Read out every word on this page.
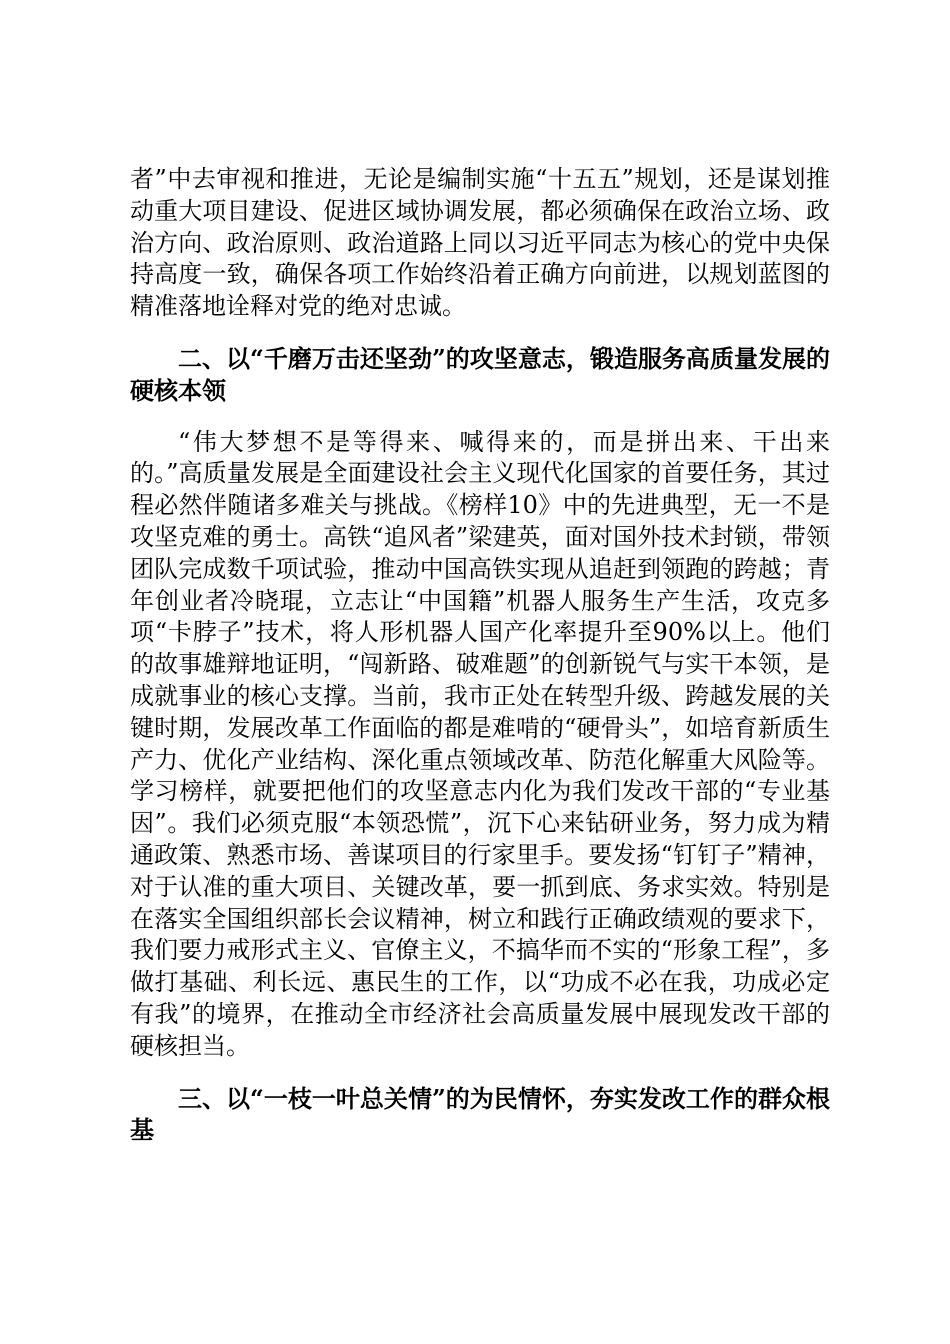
者”中去审视和推进，无论是编制实施“十五五”规划，还是谋划推动重大项目建设、促进区域协调发展，都必须确保在政治立场、政治方向、政治原则、政治道路上同以习近平同志为核心的党中央保持高度一致，确保各项工作始终沿着正确方向前进，以规划蓝图的精准落地诠释对党的绝对忠诚。

二、以“千磨万击还坚劲”的攻坚意志，锻造服务高质量发展的硬核本领

“伟大梦想不是等得来、喊得来的，而是拼出来、干出来的。”高质量发展是全面建设社会主义现代化国家的首要任务，其过程必然伴随诸多难关与挑战。《榜样10》中的先进典型，无一不是攻坚克难的勇士。高铁“追风者”梁建英，面对国外技术封锁，带领团队完成数千项试验，推动中国高铁实现从追赶到领跑的跨越；青年创业者冷晓琨，立志让“中国籍”机器人服务生产生活，攻克多项“卡脖子”技术，将人形机器人国产化率提升至90%以上。他们的故事雄辩地证明，“闯新路、破难题”的创新锐气与实干本领，是成就事业的核心支撑。当前，我市正处在转型升级、跨越发展的关键时期，发展改革工作面临的都是难啃的“硬骨头”，如培育新质生产力、优化产业结构、深化重点领域改革、防范化解重大风险等。学习榜样，就要把他们的攻坚意志内化为我们发改干部的“专业基因”。我们必须克服“本领恐慌”，沉下心来钻研业务，努力成为精通政策、熟悉市场、善谋项目的行家里手。要发扬“钉钉子”精神，对于认准的重大项目、关键改革，要一抓到底、务求实效。特别是在落实全国组织部长会议精神，树立和践行正确政绩观的要求下，我们要力戒形式主义、官僚主义，不搞华而不实的“形象工程”，多做打基础、利长远、惠民生的工作，以“功成不必在我，功成必定有我”的境界，在推动全市经济社会高质量发展中展现发改干部的硬核担当。

三、以“一枝一叶总关情”的为民情怀，夯实发改工作的群众根基
